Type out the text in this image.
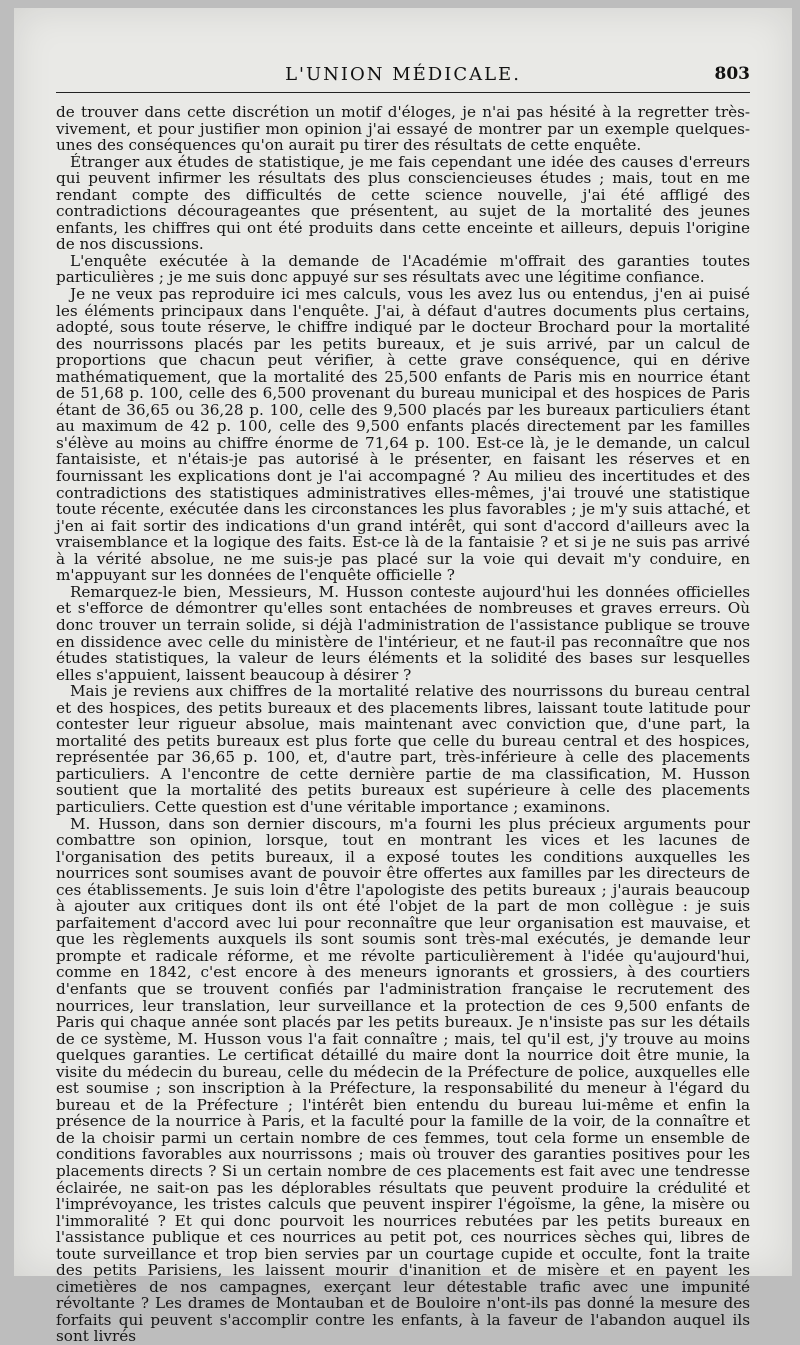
L'UNION MÉDICALE.	803

de trouver dans cette discrétion un motif d'éloges, je n'ai pas hésité à la regretter très-vivement, et pour justifier mon opinion j'ai essayé de montrer par un exemple quelques-unes des conséquences qu'on aurait pu tirer des résultats de cette enquête.

Étranger aux études de statistique, je me fais cependant une idée des causes d'erreurs qui peuvent infirmer les résultats des plus consciencieuses études ; mais, tout en me rendant compte des difficultés de cette science nouvelle, j'ai été affligé des contradictions décourageantes que présentent, au sujet de la mortalité des jeunes enfants, les chiffres qui ont été produits dans cette enceinte et ailleurs, depuis l'origine de nos discussions.

L'enquête exécutée à la demande de l'Académie m'offrait des garanties toutes particulières ; je me suis donc appuyé sur ses résultats avec une légitime confiance.

Je ne veux pas reproduire ici mes calculs, vous les avez lus ou entendus, j'en ai puisé les éléments principaux dans l'enquête. J'ai, à défaut d'autres documents plus certains, adopté, sous toute réserve, le chiffre indiqué par le docteur Brochard pour la mortalité des nourrissons placés par les petits bureaux, et je suis arrivé, par un calcul de proportions que chacun peut vérifier, à cette grave conséquence, qui en dérive mathématiquement, que la mortalité des 25,500 enfants de Paris mis en nourrice étant de 51,68 p. 100, celle des 6,500 provenant du bureau municipal et des hospices de Paris étant de 36,65 ou 36,28 p. 100, celle des 9,500 placés par les bureaux particuliers étant au maximum de 42 p. 100, celle des 9,500 enfants placés directement par les familles s'élève au moins au chiffre énorme de 71,64 p. 100. Est-ce là, je le demande, un calcul fantaisiste, et n'étais-je pas autorisé à le présenter, en faisant les réserves et en fournissant les explications dont je l'ai accompagné ? Au milieu des incertitudes et des contradictions des statistiques administratives elles-mêmes, j'ai trouvé une statistique toute récente, exécutée dans les circonstances les plus favorables ; je m'y suis attaché, et j'en ai fait sortir des indications d'un grand intérêt, qui sont d'accord d'ailleurs avec la vraisemblance et la logique des faits. Est-ce là de la fantaisie ? et si je ne suis pas arrivé à la vérité absolue, ne me suis-je pas placé sur la voie qui devait m'y conduire, en m'appuyant sur les données de l'enquête officielle ?

Remarquez-le bien, Messieurs, M. Husson conteste aujourd'hui les données officielles et s'efforce de démontrer qu'elles sont entachées de nombreuses et graves erreurs. Où donc trouver un terrain solide, si déjà l'administration de l'assistance publique se trouve en dissidence avec celle du ministère de l'intérieur, et ne faut-il pas reconnaître que nos études statistiques, la valeur de leurs éléments et la solidité des bases sur lesquelles elles s'appuient, laissent beaucoup à désirer ?

Mais je reviens aux chiffres de la mortalité relative des nourrissons du bureau central et des hospices, des petits bureaux et des placements libres, laissant toute latitude pour contester leur rigueur absolue, mais maintenant avec conviction que, d'une part, la mortalité des petits bureaux est plus forte que celle du bureau central et des hospices, représentée par 36,65 p. 100, et, d'autre part, très-inférieure à celle des placements particuliers. A l'encontre de cette dernière partie de ma classification, M. Husson soutient que la mortalité des petits bureaux est supérieure à celle des placements particuliers. Cette question est d'une véritable importance ; examinons.

M. Husson, dans son dernier discours, m'a fourni les plus précieux arguments pour combattre son opinion, lorsque, tout en montrant les vices et les lacunes de l'organisation des petits bureaux, il a exposé toutes les conditions auxquelles les nourrices sont soumises avant de pouvoir être offertes aux familles par les directeurs de ces établissements. Je suis loin d'être l'apologiste des petits bureaux ; j'aurais beaucoup à ajouter aux critiques dont ils ont été l'objet de la part de mon collègue : je suis parfaitement d'accord avec lui pour reconnaître que leur organisation est mauvaise, et que les règlements auxquels ils sont soumis sont très-mal exécutés, je demande leur prompte et radicale réforme, et me révolte particulièrement à l'idée qu'aujourd'hui, comme en 1842, c'est encore à des meneurs ignorants et grossiers, à des courtiers d'enfants que se trouvent confiés par l'administration française le recrutement des nourrices, leur translation, leur surveillance et la protection de ces 9,500 enfants de Paris qui chaque année sont placés par les petits bureaux. Je n'insiste pas sur les détails de ce système, M. Husson vous l'a fait connaître ; mais, tel qu'il est, j'y trouve au moins quelques garanties. Le certificat détaillé du maire dont la nourrice doit être munie, la visite du médecin du bureau, celle du médecin de la Préfecture de police, auxquelles elle est soumise ; son inscription à la Préfecture, la responsabilité du meneur à l'égard du bureau et de la Préfecture ; l'intérêt bien entendu du bureau lui-même et enfin la présence de la nourrice à Paris, et la faculté pour la famille de la voir, de la connaître et de la choisir parmi un certain nombre de ces femmes, tout cela forme un ensemble de conditions favorables aux nourrissons ; mais où trouver des garanties positives pour les placements directs ? Si un certain nombre de ces placements est fait avec une tendresse éclairée, ne sait-on pas les déplorables résultats que peuvent produire la crédulité et l'imprévoyance, les tristes calculs que peuvent inspirer l'égoïsme, la gêne, la misère ou l'immoralité ? Et qui donc pourvoit les nourrices rebutées par les petits bureaux en l'assistance publique et ces nourrices au petit pot, ces nourrices sèches qui, libres de toute surveillance et trop bien servies par un courtage cupide et occulte, font la traite des petits Parisiens, les laissent mourir d'inanition et de misère et en payent les cimetières de nos campagnes, exerçant leur détestable trafic avec une impunité révoltante ? Les drames de Montauban et de Bouloire n'ont-ils pas donné la mesure des forfaits qui peuvent s'accomplir contre les enfants, à la faveur de l'abandon auquel ils sont livrés
